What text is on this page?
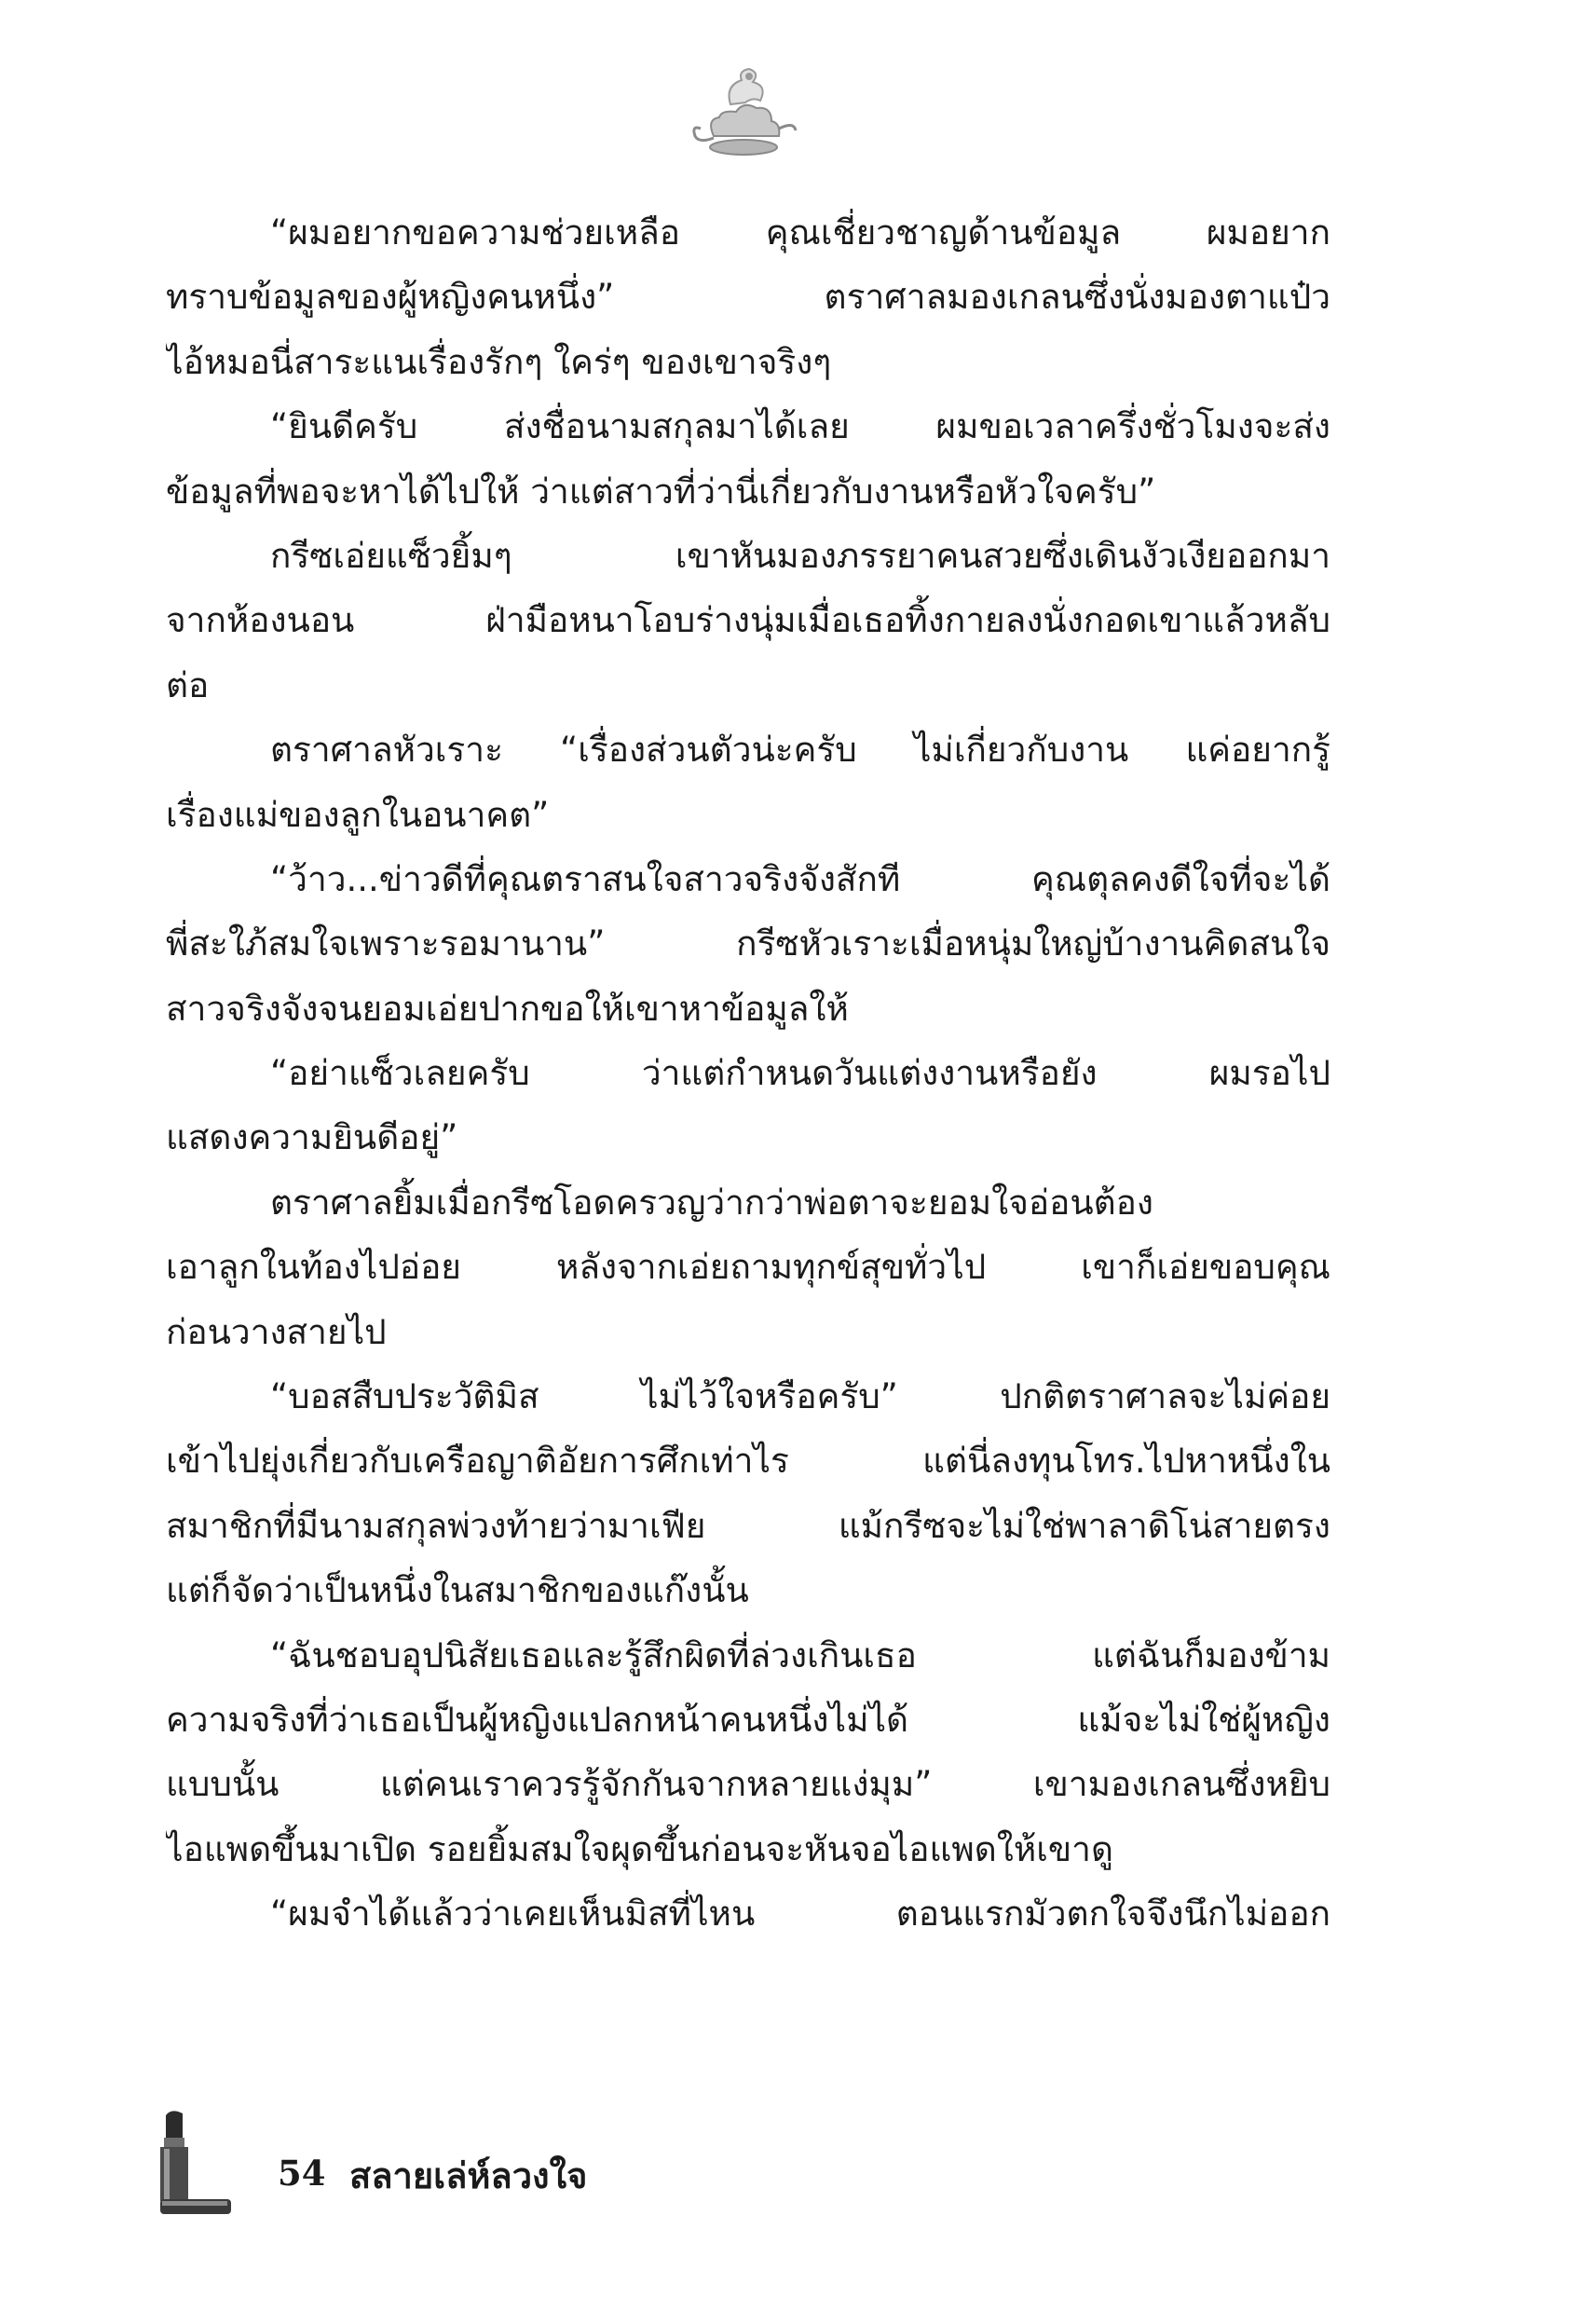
“ผมอยากขอความช่วยเหลือ คุณเชี่ยวชาญด้านข้อมูล ผมอยาก
ทราบข้อมูลของผู้หญิงคนหนึ่ง” ตราศาลมองเกลนซึ่งนั่งมองตาแป๋ว
ไอ้หมอนี่สาระแนเรื่องรักๆ ใคร่ๆ ของเขาจริงๆ
“ยินดีครับ ส่งชื่อนามสกุลมาได้เลย ผมขอเวลาครึ่งชั่วโมงจะส่ง
ข้อมูลที่พอจะหาได้ไปให้ ว่าแต่สาวที่ว่านี่เกี่ยวกับงานหรือหัวใจครับ”
กรีซเอ่ยแซ็วยิ้มๆ เขาหันมองภรรยาคนสวยซึ่งเดินงัวเงียออกมา
จากห้องนอน ฝ่ามือหนาโอบร่างนุ่มเมื่อเธอทิ้งกายลงนั่งกอดเขาแล้วหลับ
ต่อ
ตราศาลหัวเราะ “เรื่องส่วนตัวน่ะครับ ไม่เกี่ยวกับงาน แค่อยากรู้
เรื่องแม่ของลูกในอนาคต”
“ว้าว...ข่าวดีที่คุณตราสนใจสาวจริงจังสักที คุณตุลคงดีใจที่จะได้
พี่สะใภ้สมใจเพราะรอมานาน” กรีซหัวเราะเมื่อหนุ่มใหญ่บ้างานคิดสนใจ
สาวจริงจังจนยอมเอ่ยปากขอให้เขาหาข้อมูลให้
“อย่าแซ็วเลยครับ ว่าแต่กำหนดวันแต่งงานหรือยัง ผมรอไป
แสดงความยินดีอยู่”
ตราศาลยิ้มเมื่อกรีซโอดครวญว่ากว่าพ่อตาจะยอมใจอ่อนต้อง
เอาลูกในท้องไปอ่อย หลังจากเอ่ยถามทุกข์สุขทั่วไป เขาก็เอ่ยขอบคุณ
ก่อนวางสายไป
“บอสสืบประวัติมิส ไม่ไว้ใจหรือครับ” ปกติตราศาลจะไม่ค่อย
เข้าไปยุ่งเกี่ยวกับเครือญาติอัยการศึกเท่าไร แต่นี่ลงทุนโทร.ไปหาหนึ่งใน
สมาชิกที่มีนามสกุลพ่วงท้ายว่ามาเฟีย แม้กรีซจะไม่ใช่พาลาดิโน่สายตรง
แต่ก็จัดว่าเป็นหนึ่งในสมาชิกของแก๊งนั้น
“ฉันชอบอุปนิสัยเธอและรู้สึกผิดที่ล่วงเกินเธอ แต่ฉันก็มองข้าม
ความจริงที่ว่าเธอเป็นผู้หญิงแปลกหน้าคนหนึ่งไม่ได้ แม้จะไม่ใช่ผู้หญิง
แบบนั้น แต่คนเราควรรู้จักกันจากหลายแง่มุม” เขามองเกลนซึ่งหยิบ
ไอแพดขึ้นมาเปิด รอยยิ้มสมใจผุดขึ้นก่อนจะหันจอไอแพดให้เขาดู
“ผมจำได้แล้วว่าเคยเห็นมิสที่ไหน ตอนแรกมัวตกใจจึงนึกไม่ออก
54 สลายเล่ห์ลวงใจ
